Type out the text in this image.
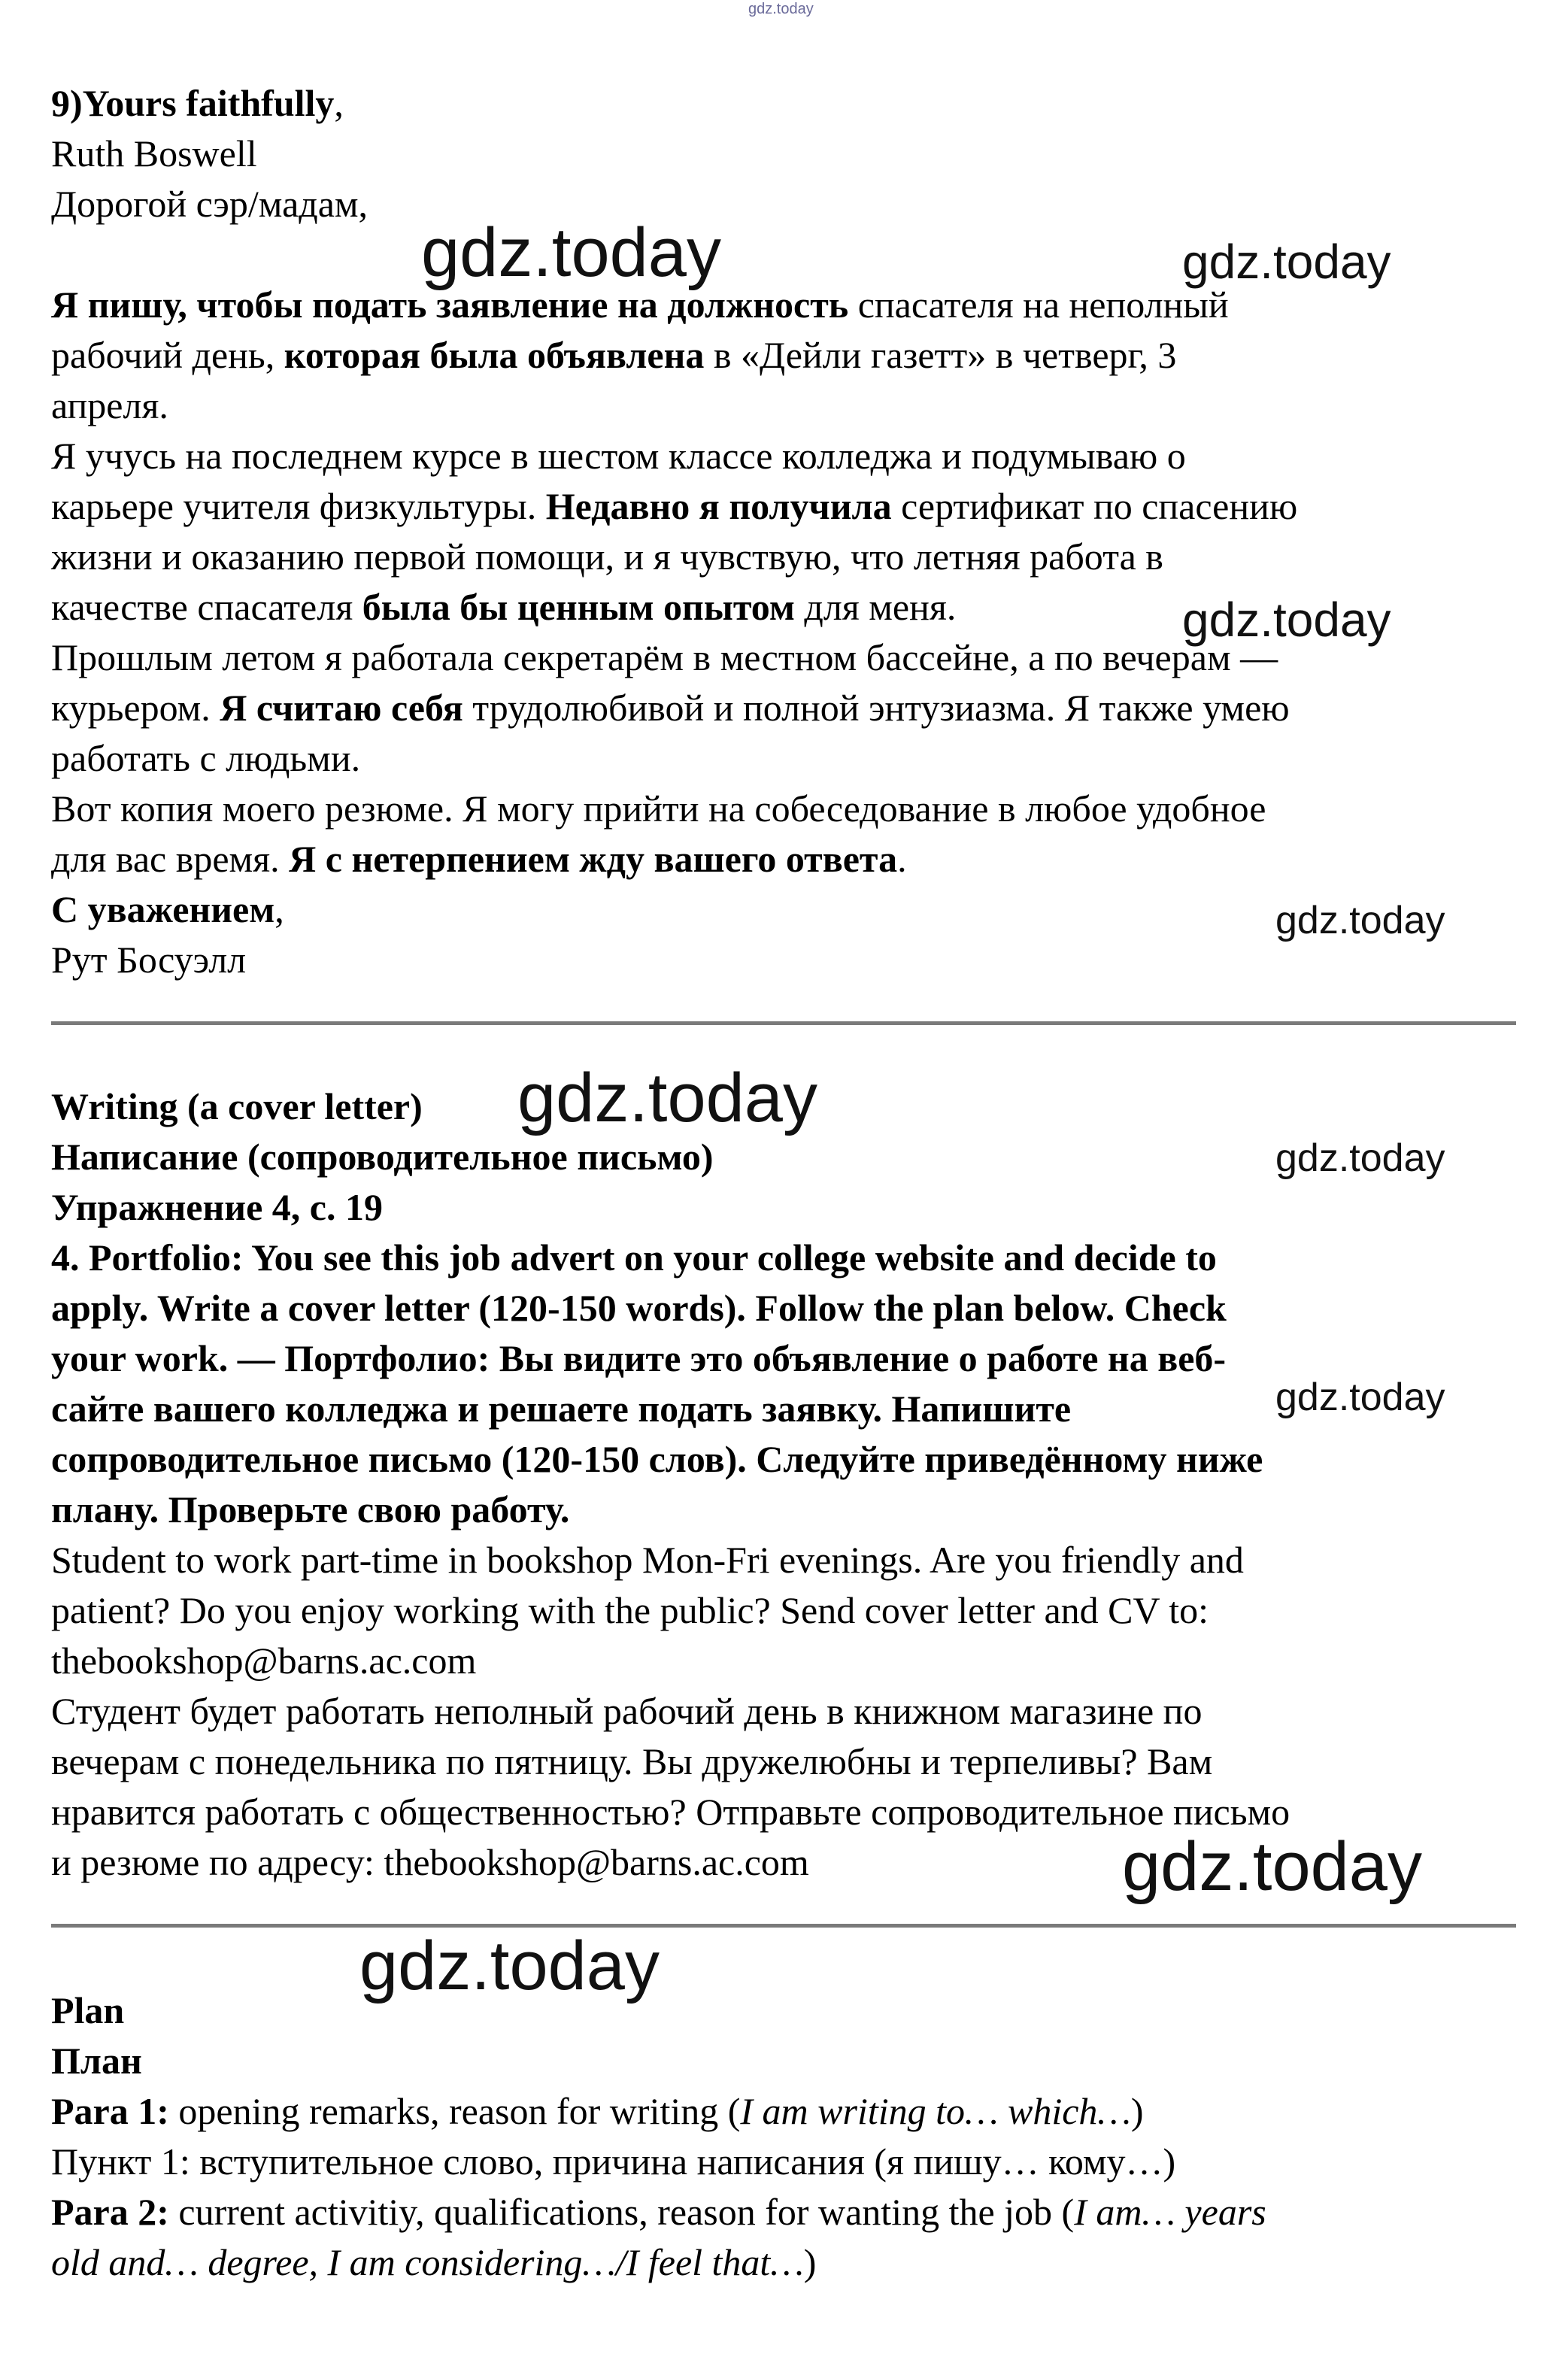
gdz.today
gdz.today	gdz.today
gdz.today
gdz.today
gdz.today
gdz.today
gdz.today
gdz.today
gdz.today
9)Yours faithfully,
Ruth Boswell
Дорогой сэр/мадам,
Я пишу, чтобы подать заявление на должность спасателя на неполный
рабочий день, которая была объявлена в «Дейли газетт» в четверг, 3
апреля.
Я учусь на последнем курсе в шестом классе колледжа и подумываю о
карьере учителя физкультуры. Недавно я получила сертификат по спасению
жизни и оказанию первой помощи, и я чувствую, что летняя работа в
качестве спасателя была бы ценным опытом для меня.
Прошлым летом я работала секретарём в местном бассейне, а по вечерам —
курьером. Я считаю себя трудолюбивой и полной энтузиазма. Я также умею
работать с людьми.
Вот копия моего резюме. Я могу прийти на собеседование в любое удобное
для вас время. Я с нетерпением жду вашего ответа.
С уважением,
Рут Босуэлл
Writing (a cover letter)
Написание (сопроводительное письмо)
Упражнение 4, с. 19
4. Portfolio: You see this job advert on your college website and decide to
apply. Write a cover letter (120-150 words). Follow the plan below. Check
your work. — Портфолио: Вы видите это объявление о работе на веб-
сайте вашего колледжа и решаете подать заявку. Напишите
сопроводительное письмо (120-150 слов). Следуйте приведённому ниже
плану. Проверьте свою работу.
Student to work part-time in bookshop Mon-Fri evenings. Are you friendly and
patient? Do you enjoy working with the public? Send cover letter and CV to:
thebookshop@barns.ac.com
Студент будет работать неполный рабочий день в книжном магазине по
вечерам с понедельника по пятницу. Вы дружелюбны и терпеливы? Вам
нравится работать с общественностью? Отправьте сопроводительное письмо
и резюме по адресу: thebookshop@barns.ac.com
Plan
План
Para 1: opening remarks, reason for writing (I am writing to… which…)
Пункт 1: вступительное слово, причина написания (я пишу… кому…)
Para 2: current activitiy, qualifications, reason for wanting the job (I am… years
old and… degree, I am considering…/I feel that…)
